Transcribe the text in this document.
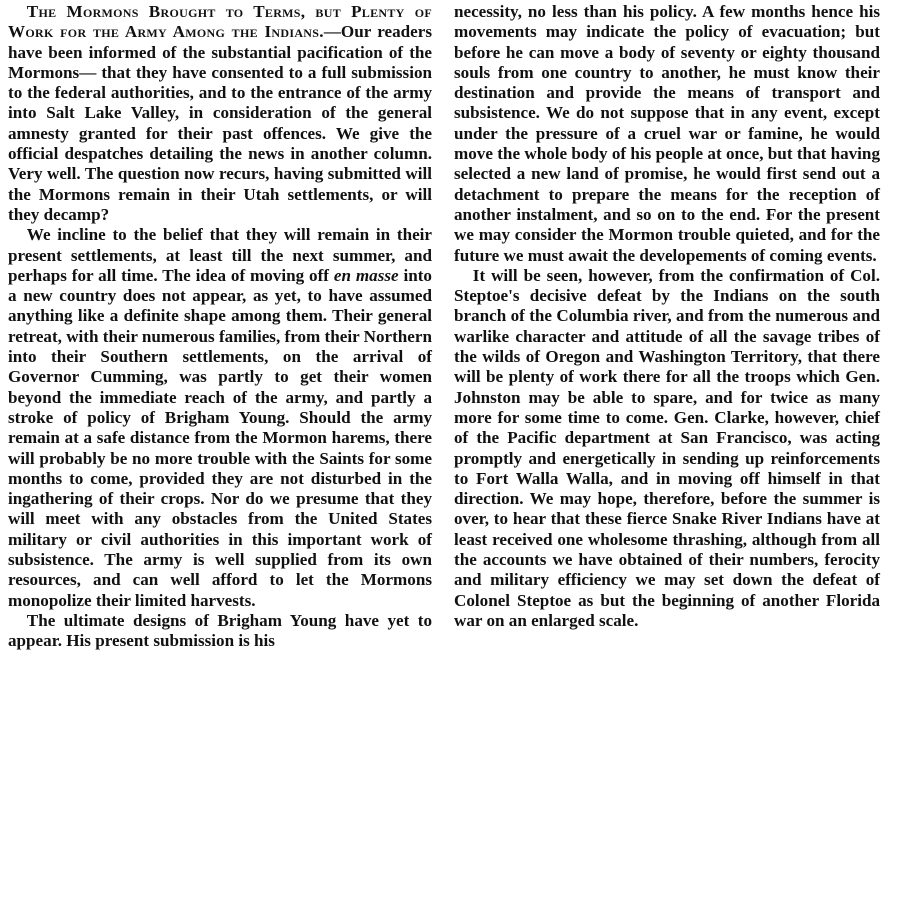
The Mormons Brought to Terms, but Plenty of Work for the Army Among the Indians.—Our readers have been informed of the substantial pacification of the Mormons— that they have consented to a full submission to the federal authorities, and to the entrance of the army into Salt Lake Valley, in consideration of the general amnesty granted for their past offences. We give the official despatches detailing the news in another column. Very well. The question now recurs, having submitted will the Mormons remain in their Utah settlements, or will they decamp?

We incline to the belief that they will remain in their present settlements, at least till the next summer, and perhaps for all time. The idea of moving off en masse into a new country does not appear, as yet, to have assumed anything like a definite shape among them. Their general retreat, with their numerous families, from their Northern into their Southern settlements, on the arrival of Governor Cumming, was partly to get their women beyond the immediate reach of the army, and partly a stroke of policy of Brigham Young. Should the army remain at a safe distance from the Mormon harems, there will probably be no more trouble with the Saints for some months to come, provided they are not disturbed in the ingathering of their crops. Nor do we presume that they will meet with any obstacles from the United States military or civil authorities in this important work of subsistence. The army is well supplied from its own resources, and can well afford to let the Mormons monopolize their limited harvests.

The ultimate designs of Brigham Young have yet to appear. His present submission is his

necessity, no less than his policy. A few months hence his movements may indicate the policy of evacuation; but before he can move a body of seventy or eighty thousand souls from one country to another, he must know their destination and provide the means of transport and subsistence. We do not suppose that in any event, except under the pressure of a cruel war or famine, he would move the whole body of his people at once, but that having selected a new land of promise, he would first send out a detachment to prepare the means for the reception of another instalment, and so on to the end. For the present we may consider the Mormon trouble quieted, and for the future we must await the developements of coming events.

It will be seen, however, from the confirmation of Col. Steptoe's decisive defeat by the Indians on the south branch of the Columbia river, and from the numerous and warlike character and attitude of all the savage tribes of the wilds of Oregon and Washington Territory, that there will be plenty of work there for all the troops which Gen. Johnston may be able to spare, and for twice as many more for some time to come. Gen. Clarke, however, chief of the Pacific department at San Francisco, was acting promptly and energetically in sending up reinforcements to Fort Walla Walla, and in moving off himself in that direction. We may hope, therefore, before the summer is over, to hear that these fierce Snake River Indians have at least received one wholesome thrashing, although from all the accounts we have obtained of their numbers, ferocity and military efficiency we may set down the defeat of Colonel Steptoe as but the beginning of another Florida war on an enlarged scale.
